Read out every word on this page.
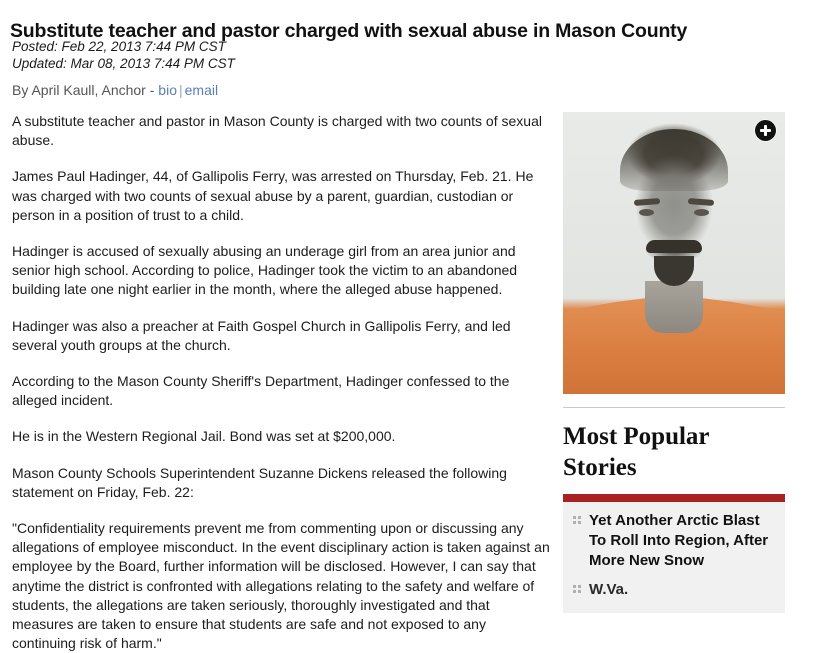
Substitute teacher and pastor charged with sexual abuse in Mason County
Posted: Feb 22, 2013 7:44 PM CST
Updated: Mar 08, 2013 7:44 PM CST
By April Kaull, Anchor - bio | email

A substitute teacher and pastor in Mason County is charged with two counts of sexual abuse.

James Paul Hadinger, 44, of Gallipolis Ferry, was arrested on Thursday, Feb. 21. He was charged with two counts of sexual abuse by a parent, guardian, custodian or person in a position of trust to a child.

Hadinger is accused of sexually abusing an underage girl from an area junior and senior high school. According to police, Hadinger took the victim to an abandoned building late one night earlier in the month, where the alleged abuse happened.

Hadinger was also a preacher at Faith Gospel Church in Gallipolis Ferry, and led several youth groups at the church.

According to the Mason County Sheriff's Department, Hadinger confessed to the alleged incident.

He is in the Western Regional Jail. Bond was set at $200,000.

Mason County Schools Superintendent Suzanne Dickens released the following statement on Friday, Feb. 22:

"Confidentiality requirements prevent me from commenting upon or discussing any allegations of employee misconduct. In the event disciplinary action is taken against an employee by the Board, further information will be disclosed. However, I can say that anytime the district is confronted with allegations relating to the safety and welfare of students, the allegations are taken seriously, thoroughly investigated and that measures are taken to ensure that students are safe and not exposed to any continuing risk of harm."

Most Popular Stories
Yet Another Arctic Blast To Roll Into Region, After More New Snow
W.Va.
